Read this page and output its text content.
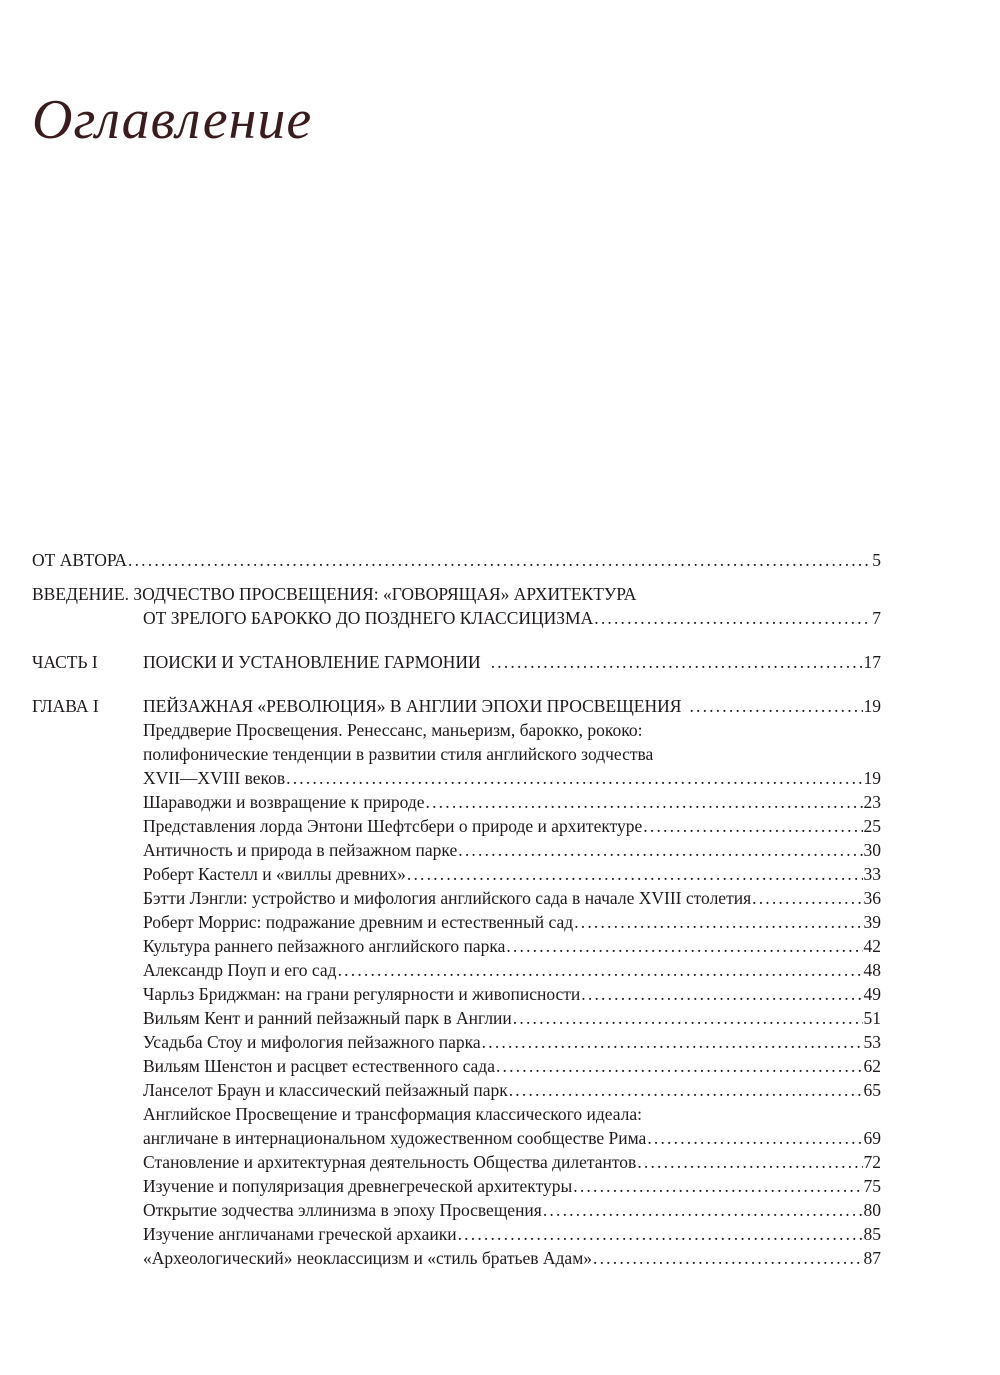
Оглавление
ОТ АВТОРА .....	5
ВВЕДЕНИЕ. ЗОДЧЕСТВО ПРОСВЕЩЕНИЯ: «ГОВОРЯЩАЯ» АРХИТЕКТУРА
ОТ ЗРЕЛОГО БАРОККО ДО ПОЗДНЕГО КЛАССИЦИЗМА .....	7
ЧАСТЬ I	ПОИСКИ И УСТАНОВЛЕНИЕ ГАРМОНИИ .....	17
ГЛАВА I	ПЕЙЗАЖНАЯ «РЕВОЛЮЦИЯ» В АНГЛИИ ЭПОХИ ПРОСВЕЩЕНИЯ .....	19
Преддверие Просвещения. Ренессанс, маньеризм, барокко, рококо:
полифонические тенденции в развитии стиля английского зодчества
XVII—XVIII веков .....	19
Шараводжи и возвращение к природе .....	23
Представления лорда Энтони Шефтсбери о природе и архитектуре .....	25
Античность и природа в пейзажном парке .....	30
Роберт Кастелл и «виллы древних» .....	33
Бэтти Лэнгли: устройство и мифология английского сада в начале XVIII столетия .....	36
Роберт Моррис: подражание древним и естественный сад .....	39
Культура раннего пейзажного английского парка .....	42
Александр Поуп и его сад .....	48
Чарльз Бриджман: на грани регулярности и живописности .....	49
Вильям Кент и ранний пейзажный парк в Англии .....	51
Усадьба Стоу и мифология пейзажного парка .....	53
Вильям Шенстон и расцвет естественного сада .....	62
Ланселот Браун и классический пейзажный парк .....	65
Английское Просвещение и трансформация классического идеала:
англичане в интернациональном художественном сообществе Рима .....	69
Становление и архитектурная деятельность Общества дилетантов .....	72
Изучение и популяризация древнегреческой архитектуры .....	75
Открытие зодчества эллинизма в эпоху Просвещения .....	80
Изучение англичанами греческой архаики .....	85
«Археологический» неоклассицизм и «стиль братьев Адам» .....	87
